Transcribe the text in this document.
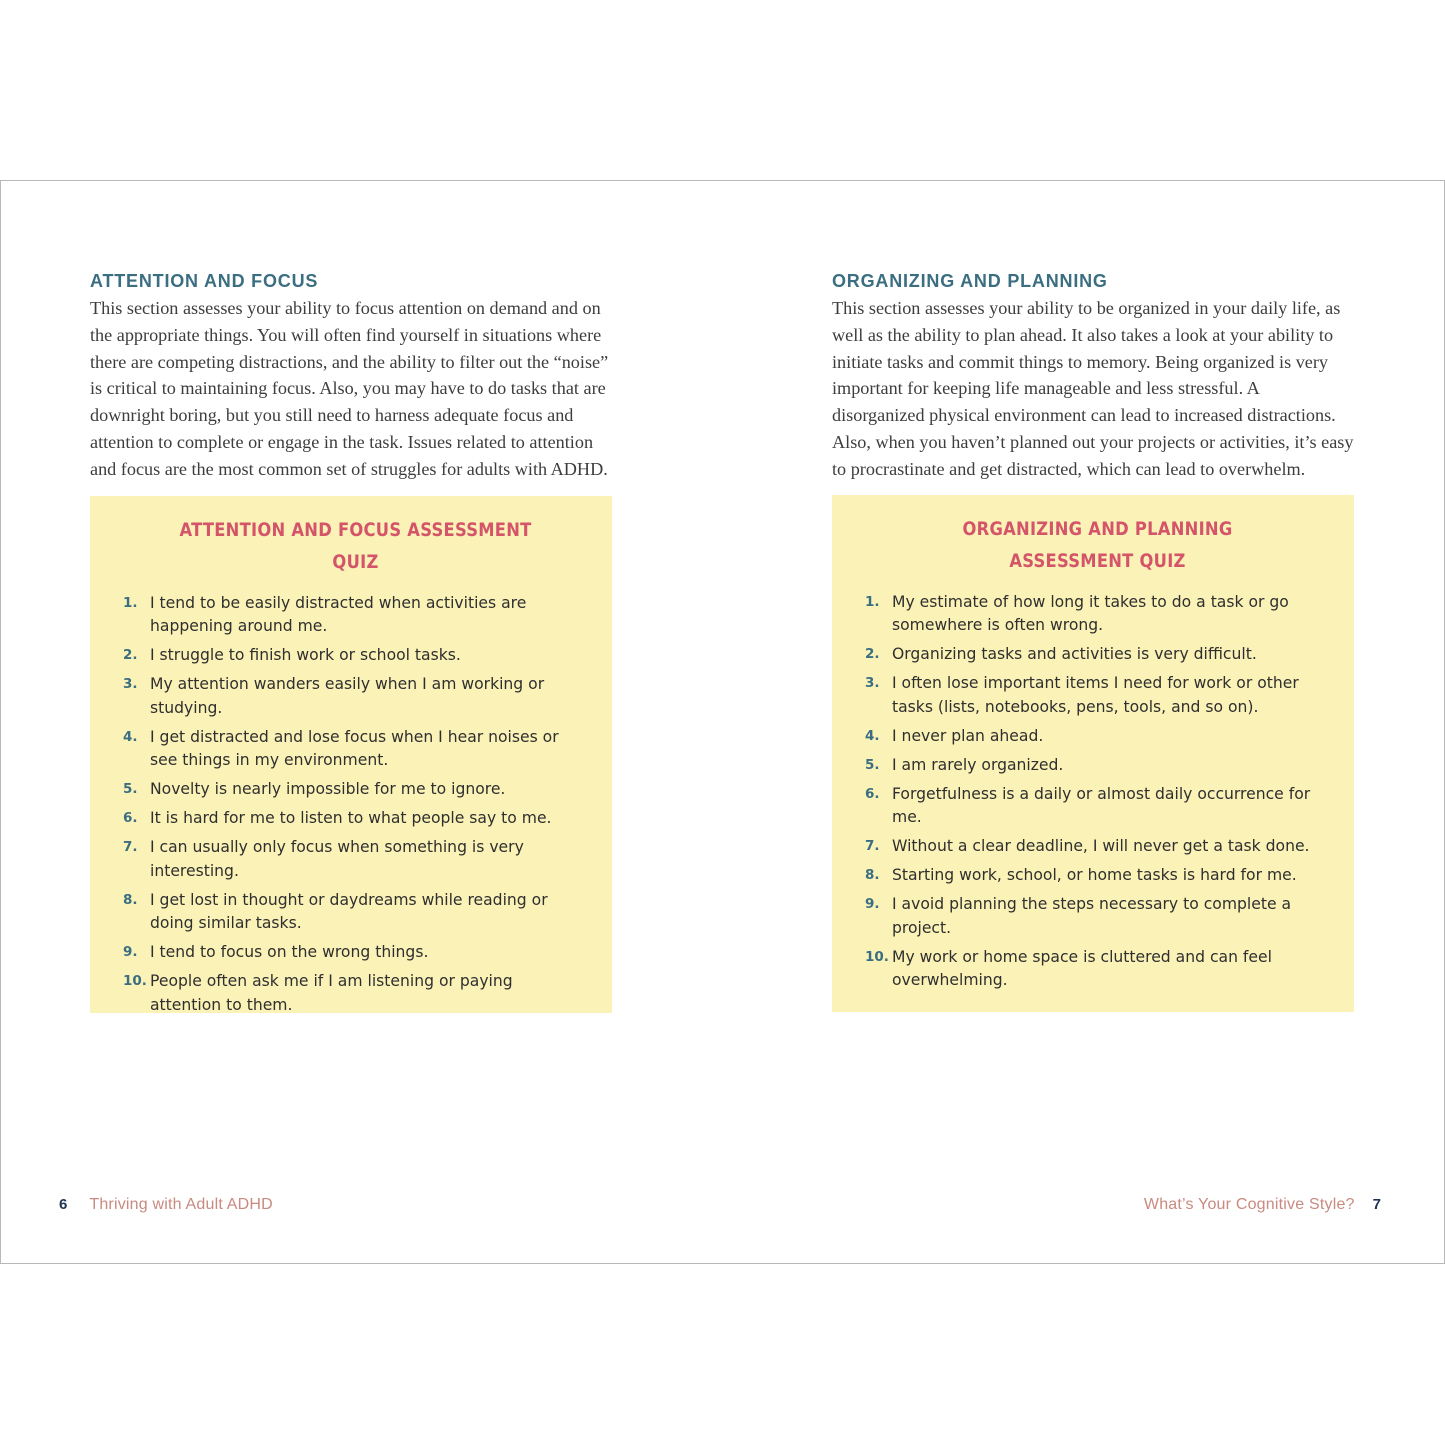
ATTENTION AND FOCUS

This section assesses your ability to focus attention on demand and on the appropriate things. You will often find yourself in situations where there are competing distractions, and the ability to filter out the “noise” is critical to maintaining focus. Also, you may have to do tasks that are downright boring, but you still need to harness adequate focus and attention to complete or engage in the task. Issues related to attention and focus are the most common set of struggles for adults with ADHD.

ATTENTION AND FOCUS ASSESSMENT QUIZ
1. I tend to be easily distracted when activities are happening around me.
2. I struggle to finish work or school tasks.
3. My attention wanders easily when I am working or studying.
4. I get distracted and lose focus when I hear noises or see things in my environment.
5. Novelty is nearly impossible for me to ignore.
6. It is hard for me to listen to what people say to me.
7. I can usually only focus when something is very interesting.
8. I get lost in thought or daydreams while reading or doing similar tasks.
9. I tend to focus on the wrong things.
10. People often ask me if I am listening or paying attention to them.
ORGANIZING AND PLANNING

This section assesses your ability to be organized in your daily life, as well as the ability to plan ahead. It also takes a look at your ability to initiate tasks and commit things to memory. Being organized is very important for keeping life manageable and less stressful. A disorganized physical environment can lead to increased distractions. Also, when you haven’t planned out your projects or activities, it’s easy to procrastinate and get distracted, which can lead to overwhelm.

ORGANIZING AND PLANNING ASSESSMENT QUIZ
1. My estimate of how long it takes to do a task or go somewhere is often wrong.
2. Organizing tasks and activities is very difficult.
3. I often lose important items I need for work or other tasks (lists, notebooks, pens, tools, and so on).
4. I never plan ahead.
5. I am rarely organized.
6. Forgetfulness is a daily or almost daily occurrence for me.
7. Without a clear deadline, I will never get a task done.
8. Starting work, school, or home tasks is hard for me.
9. I avoid planning the steps necessary to complete a project.
10. My work or home space is cluttered and can feel overwhelming.
6 Thriving with Adult ADHD	What’s Your Cognitive Style? 7
